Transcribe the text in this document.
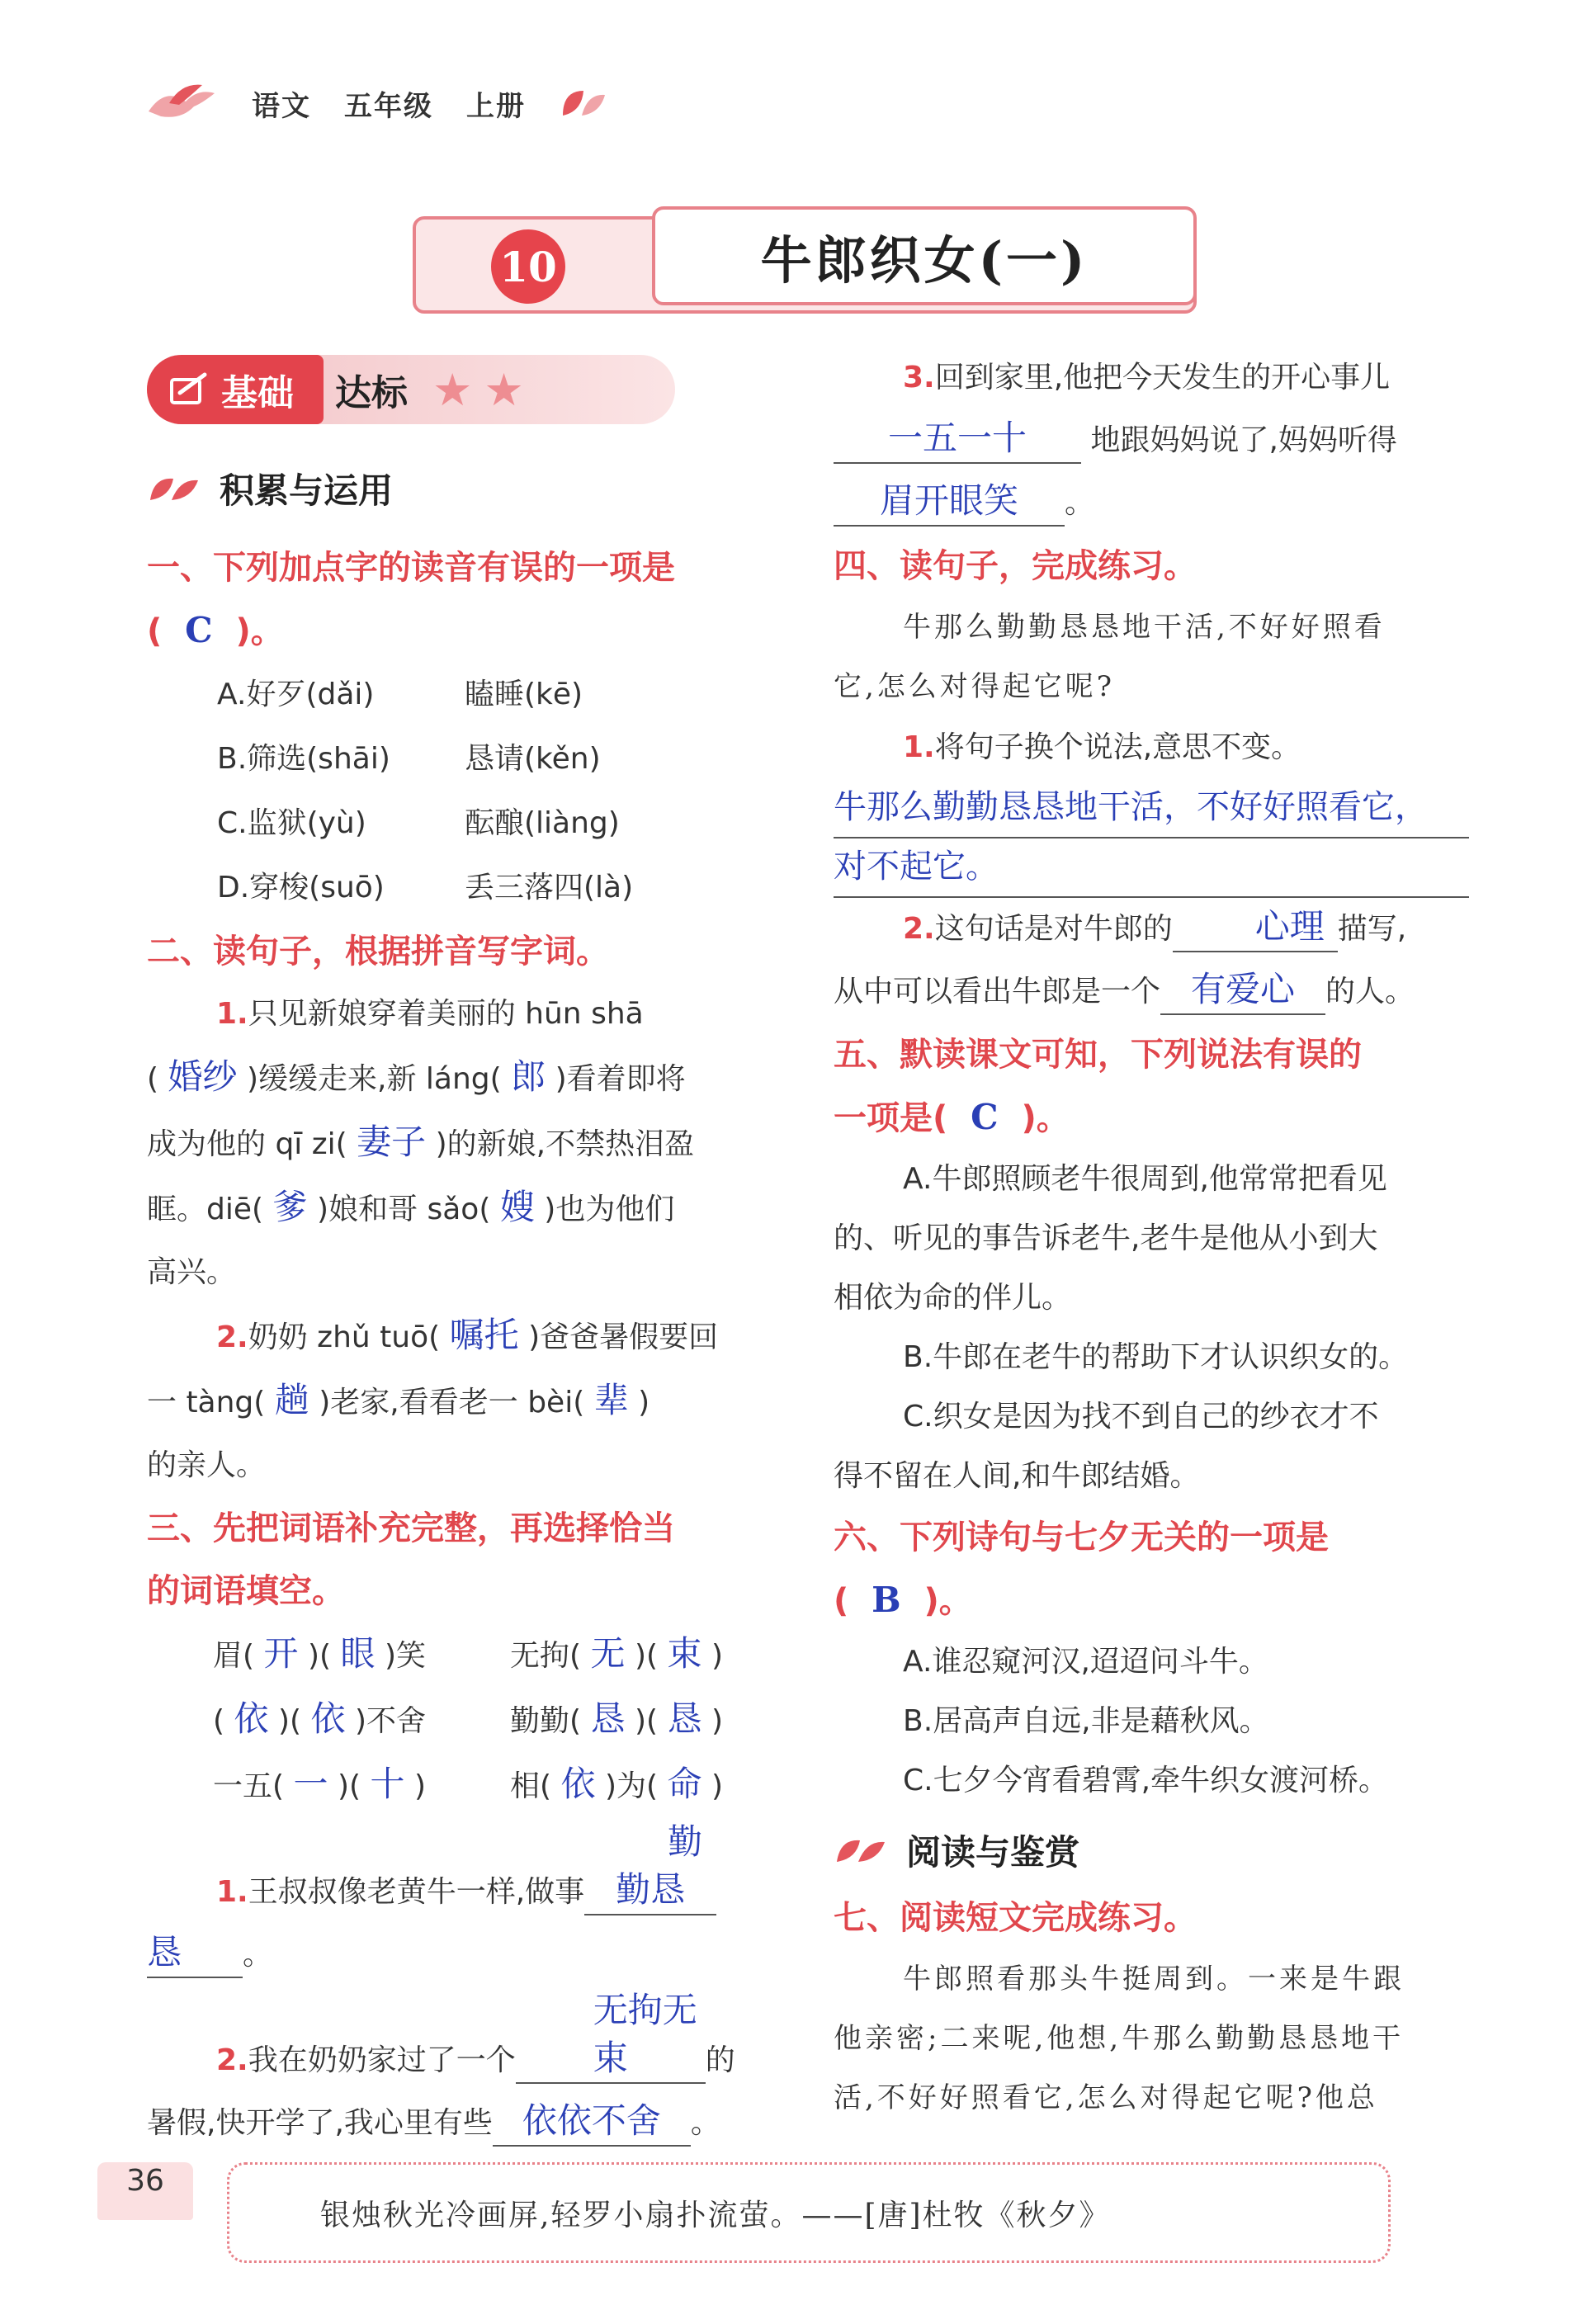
语文 五年级 上册
10	牛郎织女(一)
基础 达标 ★★
积累与运用
一、下列加点字的读音有误的一项是
( C )。
A.好歹(dǎi)	瞌睡(kē)
B.筛选(shāi)	恳请(kěn)
C.监狱(yù)	酝酿(liàng)
D.穿梭(suō)	丢三落四(là)
二、读句子，根据拼音写字词。
1.只见新娘穿着美丽的 hūn shā
( 婚纱 )缓缓走来,新 láng( 郎 )看着即将
成为他的 qī zi( 妻子 )的新娘,不禁热泪盈
眶。diē( 爹 )娘和哥 sǎo( 嫂 )也为他们
高兴。
2.奶奶 zhǔ tuō( 嘱托 )爸爸暑假要回
一 tàng( 趟 )老家,看看老一 bèi( 辈 )
的亲人。
三、先把词语补充完整，再选择恰当
的词语填空。
眉( 开 )( 眼 )笑	无拘( 无 )( 束 )
( 依 )( 依 )不舍	勤勤( 恳 )( 恳 )
一五( 一 )( 十 )	相( 依 )为( 命 )
1.王叔叔像老黄牛一样,做事勤勤恳
恳 。
2.我在奶奶家过了一个无拘无束	的
暑假,快开学了,我心里有些 依依不舍 。
3.回到家里,他把今天发生的开心事儿
一五一十 地跟妈妈说了,妈妈听得
眉开眼笑 。
四、读句子，完成练习。
牛那么勤勤恳恳地干活,不好好照看
它,怎么对得起它呢?
1.将句子换个说法,意思不变。
牛那么勤勤恳恳地干活，不好好照看它，
对不起它。
2.这句话是对牛郎的 心理 描写,
从中可以看出牛郎是一个 有爱心 的人。
五、默读课文可知，下列说法有误的
一项是( C )。
A.牛郎照顾老牛很周到,他常常把看见
的、听见的事告诉老牛,老牛是他从小到大
相依为命的伴儿。
B.牛郎在老牛的帮助下才认识织女的。
C.织女是因为找不到自己的纱衣才不
得不留在人间,和牛郎结婚。
六、下列诗句与七夕无关的一项是
( B )。
A.谁忍窥河汉,迢迢问斗牛。
B.居高声自远,非是藉秋风。
C.七夕今宵看碧霄,牵牛织女渡河桥。
阅读与鉴赏
七、阅读短文完成练习。
牛郎照看那头牛挺周到。一来是牛跟
他亲密;二来呢,他想,牛那么勤勤恳恳地干
活,不好好照看它,怎么对得起它呢?他总
36
银烛秋光冷画屏,轻罗小扇扑流萤。——[唐]杜牧《秋夕》
